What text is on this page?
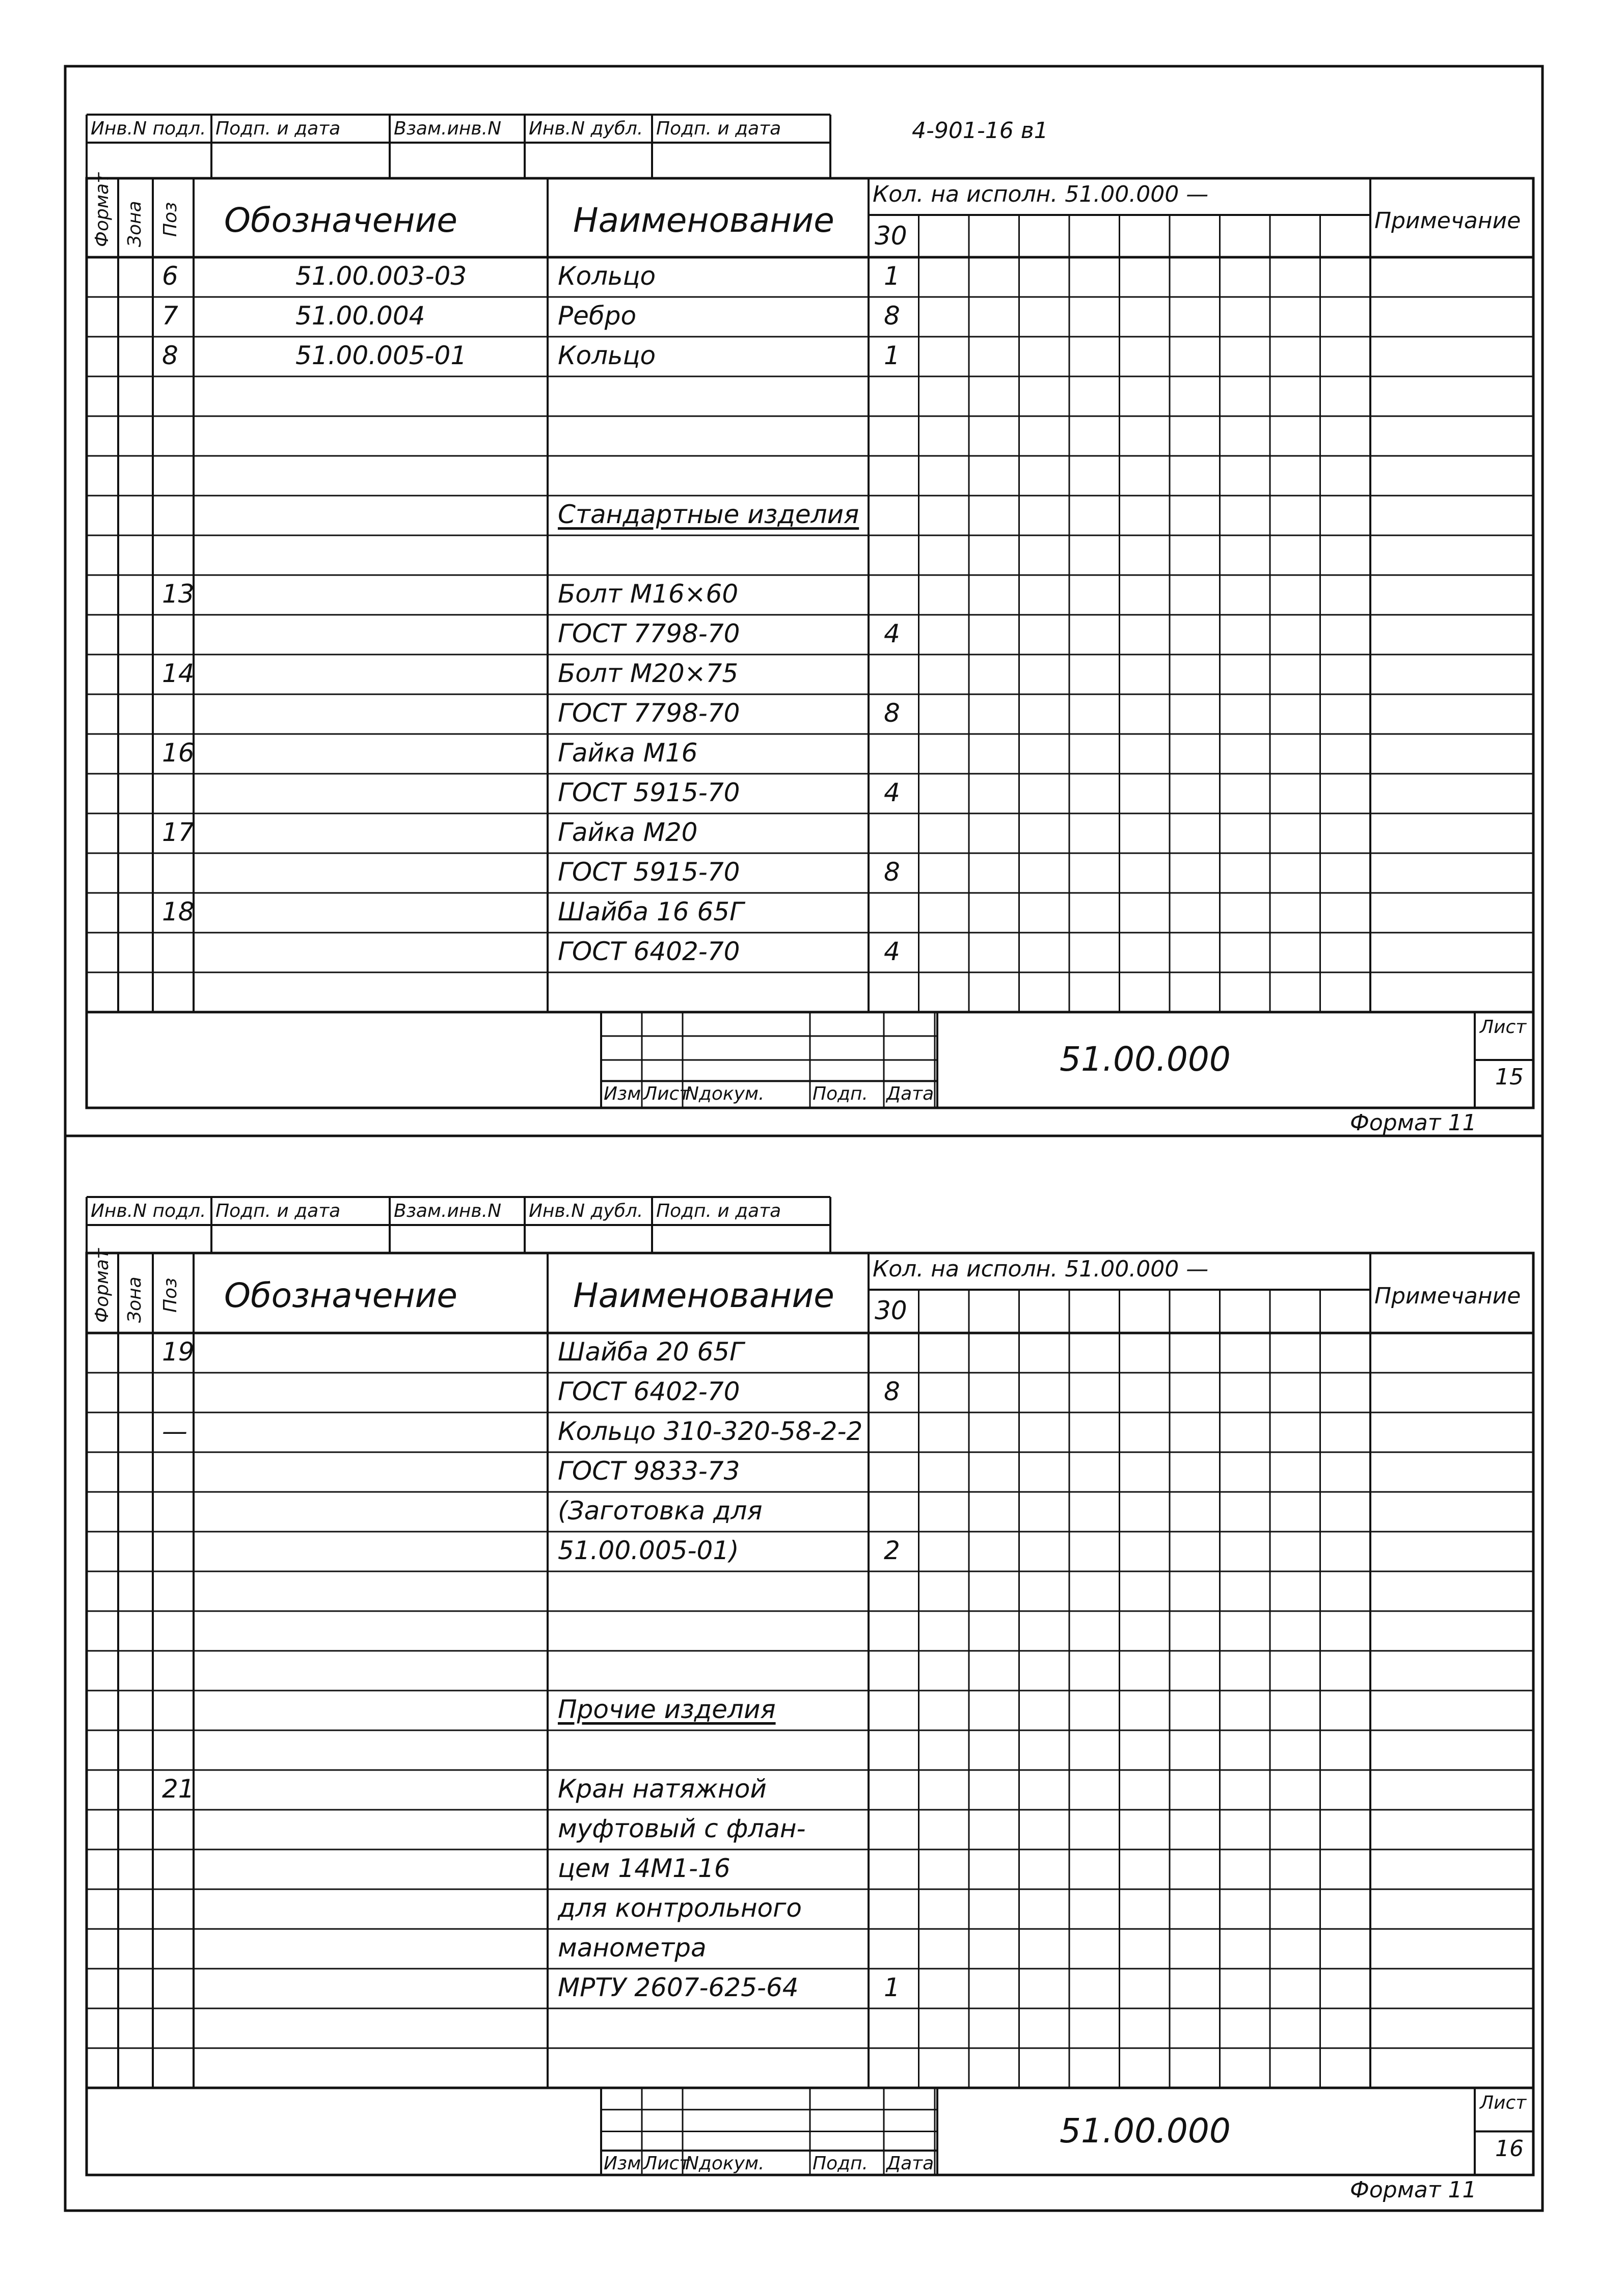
4-901-16 в1
Инв.N подл. Подп. и дата	Взам.инв.N Инв.N дубл. Подп. и дата
Формат Зона Поз Обозначение	Наименование
Кол. на исполн. 51.00.000 —
30
Примечание
6	51.00.003-03	Кольцо	1
7	51.00.004	Ребро	8
8	51.00.005-01	Кольцо	1
Стандартные изделия
13	Болт М16×60
ГОСТ 7798-70	4
14	Болт М20×75
ГОСТ 7798-70	8
16	Гайка М16
ГОСТ 5915-70	4
17	Гайка М20
ГОСТ 5915-70	8
18	Шайба 16 65Г
ГОСТ 6402-70	4
Изм Лист
Nдокум.	Подп. Дата
51.00.000
Лист
15
Формат 11
Инв.N подл. Подп. и дата	Взам.инв.N Инв.N дубл. Подп. и дата
Формат Зона Поз Обозначение	Наименование
Кол. на исполн. 51.00.000 —
30	Примечание
19	Шайба 20 65Г
ГОСТ 6402-70	8
—	Кольцо 310-320-58-2-2
ГОСТ 9833-73
(Заготовка для
51.00.005-01)	2
Прочие изделия
21	Кран натяжной
муфтовый с флан-
цем 14М1-16
для контрольного
манометра
МРТУ 2607-625-64	1
Изм Лист
Nдокум.	Подп. Дата
51.00.000
Лист
16
Формат 11
